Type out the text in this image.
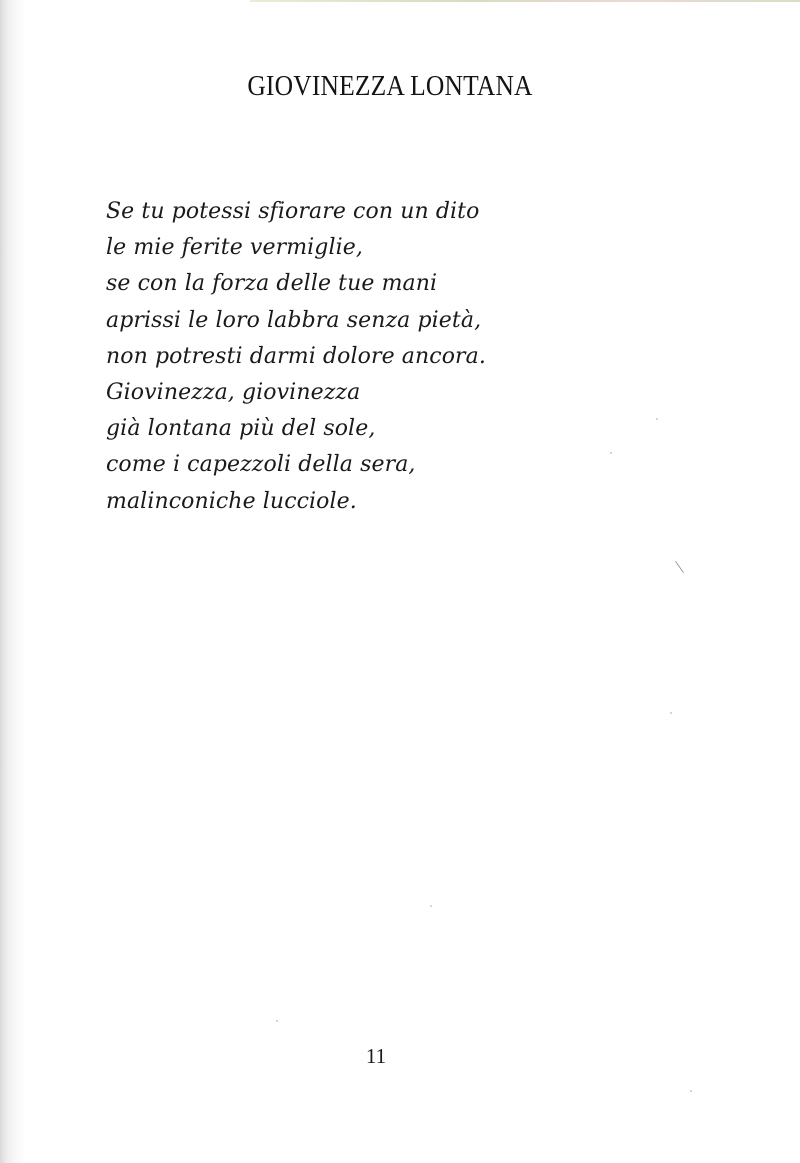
GIOVINEZZA LONTANA
Se tu potessi sfiorare con un dito
le mie ferite vermiglie,
se con la forza delle tue mani
aprissi le loro labbra senza pietà,
non potresti darmi dolore ancora.
Giovinezza, giovinezza
già lontana più del sole,
come i capezzoli della sera,
malinconiche lucciole.
11
